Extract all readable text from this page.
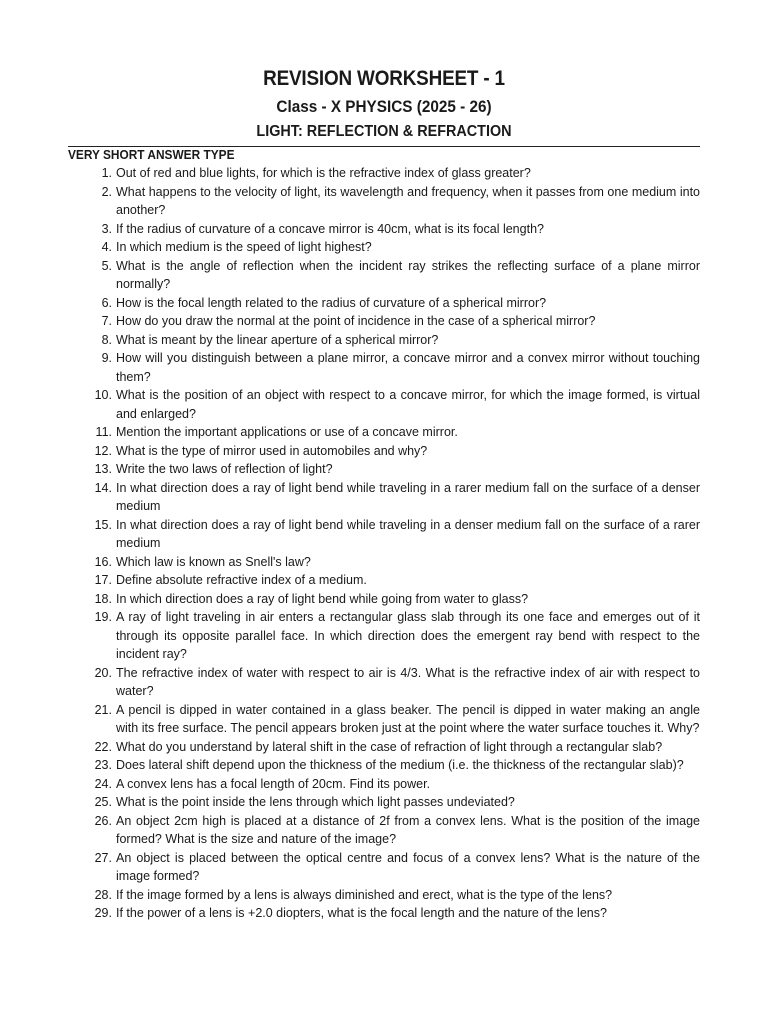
REVISION WORKSHEET - 1
Class - X PHYSICS (2025 - 26)
LIGHT: REFLECTION & REFRACTION
VERY SHORT ANSWER TYPE
1. Out of red and blue lights, for which is the refractive index of glass greater?
2. What happens to the velocity of light, its wavelength and frequency, when it passes from one medium into another?
3. If the radius of curvature of a concave mirror is 40cm, what is its focal length?
4. In which medium is the speed of light highest?
5. What is the angle of reflection when the incident ray strikes the reflecting surface of a plane mirror normally?
6. How is the focal length related to the radius of curvature of a spherical mirror?
7. How do you draw the normal at the point of incidence in the case of a spherical mirror?
8. What is meant by the linear aperture of a spherical mirror?
9. How will you distinguish between a plane mirror, a concave mirror and a convex mirror without touching them?
10. What is the position of an object with respect to a concave mirror, for which the image formed, is virtual and enlarged?
11. Mention the important applications or use of a concave mirror.
12. What is the type of mirror used in automobiles and why?
13. Write the two laws of reflection of light?
14. In what direction does a ray of light bend while traveling in a rarer medium fall on the surface of a denser medium
15. In what direction does a ray of light bend while traveling in a denser medium fall on the surface of a rarer medium
16. Which law is known as Snell's law?
17. Define absolute refractive index of a medium.
18. In which direction does a ray of light bend while going from water to glass?
19. A ray of light traveling in air enters a rectangular glass slab through its one face and emerges out of it through its opposite parallel face. In which direction does the emergent ray bend with respect to the incident ray?
20. The refractive index of water with respect to air is 4/3. What is the refractive index of air with respect to water?
21. A pencil is dipped in water contained in a glass beaker. The pencil is dipped in water making an angle with its free surface. The pencil appears broken just at the point where the water surface touches it. Why?
22. What do you understand by lateral shift in the case of refraction of light through a rectangular slab?
23. Does lateral shift depend upon the thickness of the medium (i.e. the thickness of the rectangular slab)?
24. A convex lens has a focal length of 20cm. Find its power.
25. What is the point inside the lens through which light passes undeviated?
26. An object 2cm high is placed at a distance of 2f from a convex lens. What is the position of the image formed? What is the size and nature of the image?
27. An object is placed between the optical centre and focus of a convex lens? What is the nature of the image formed?
28. If the image formed by a lens is always diminished and erect, what is the type of the lens?
29. If the power of a lens is +2.0 diopters, what is the focal length and the nature of the lens?
